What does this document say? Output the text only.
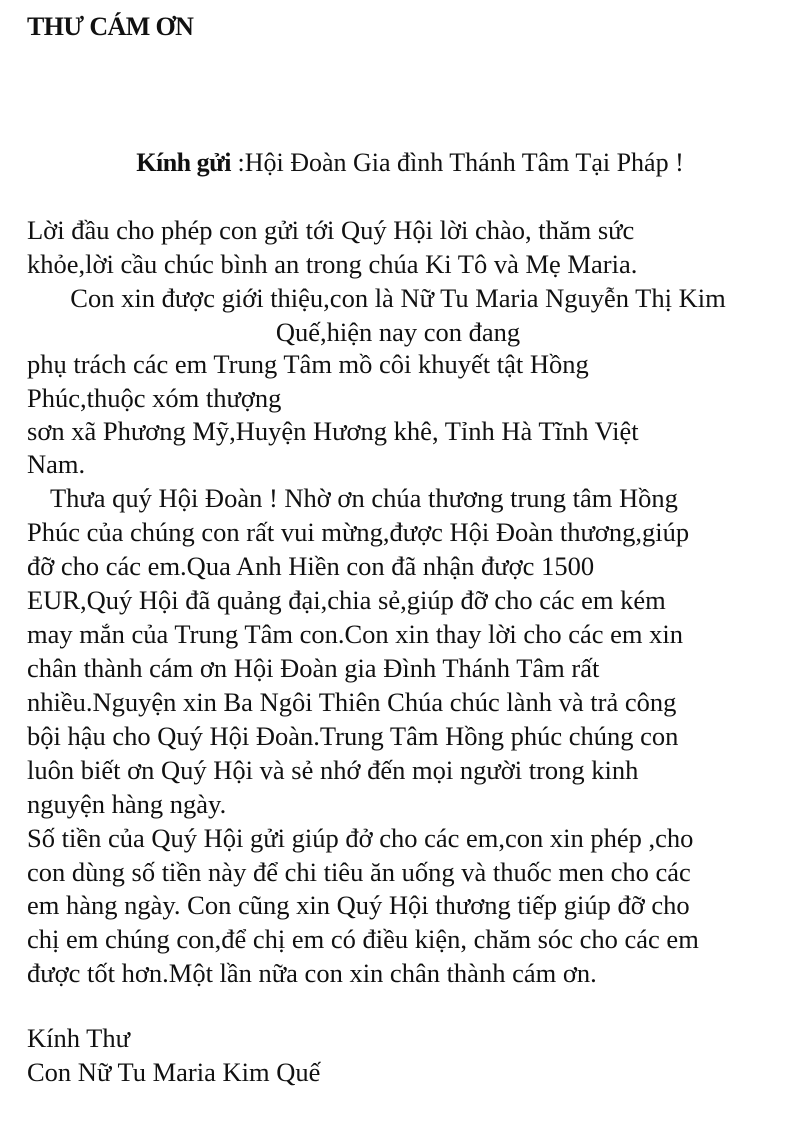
THƯ CÁM ƠN
Kính gửi :Hội Đoàn Gia đình Thánh Tâm Tại Pháp !
Lời đầu cho phép con gửi tới Quý Hội lời chào, thăm sức
khỏe,lời cầu chúc bình an trong chúa Ki Tô và Mẹ Maria.
Con xin được giới thiệu,con là Nữ Tu Maria Nguyễn Thị Kim
Quế,hiện nay con đang
phụ trách các em Trung Tâm mồ côi khuyết tật Hồng
Phúc,thuộc xóm thượng
sơn xã Phương Mỹ,Huyện Hương khê, Tỉnh Hà Tĩnh Việt
Nam.
Thưa quý Hội Đoàn ! Nhờ ơn chúa thương trung tâm Hồng
Phúc của chúng con rất vui mừng,được Hội Đoàn thương,giúp
đỡ cho các em.Qua Anh Hiền con đã nhận được 1500
EUR,Quý Hội đã quảng đại,chia sẻ,giúp đỡ cho các em kém
may mắn của Trung Tâm con.Con xin thay lời cho các em xin
chân thành cám ơn Hội Đoàn gia Đình Thánh Tâm rất
nhiều.Nguyện xin Ba Ngôi Thiên Chúa chúc lành và trả công
bội hậu cho Quý Hội Đoàn.Trung Tâm Hồng phúc chúng con
luôn biết ơn Quý Hội và sẻ nhớ đến mọi người trong kinh
nguyện hàng ngày.
Số tiền của Quý Hội gửi giúp đở cho các em,con xin phép ,cho
con dùng số tiền này để chi tiêu ăn uống và thuốc men cho các
em hàng ngày. Con cũng xin Quý Hội thương tiếp giúp đỡ cho
chị em chúng con,để chị em có điều kiện, chăm sóc cho các em
được tốt hơn.Một lần nữa con xin chân thành cám ơn.
Kính Thư
Con Nữ Tu Maria Kim Quế
